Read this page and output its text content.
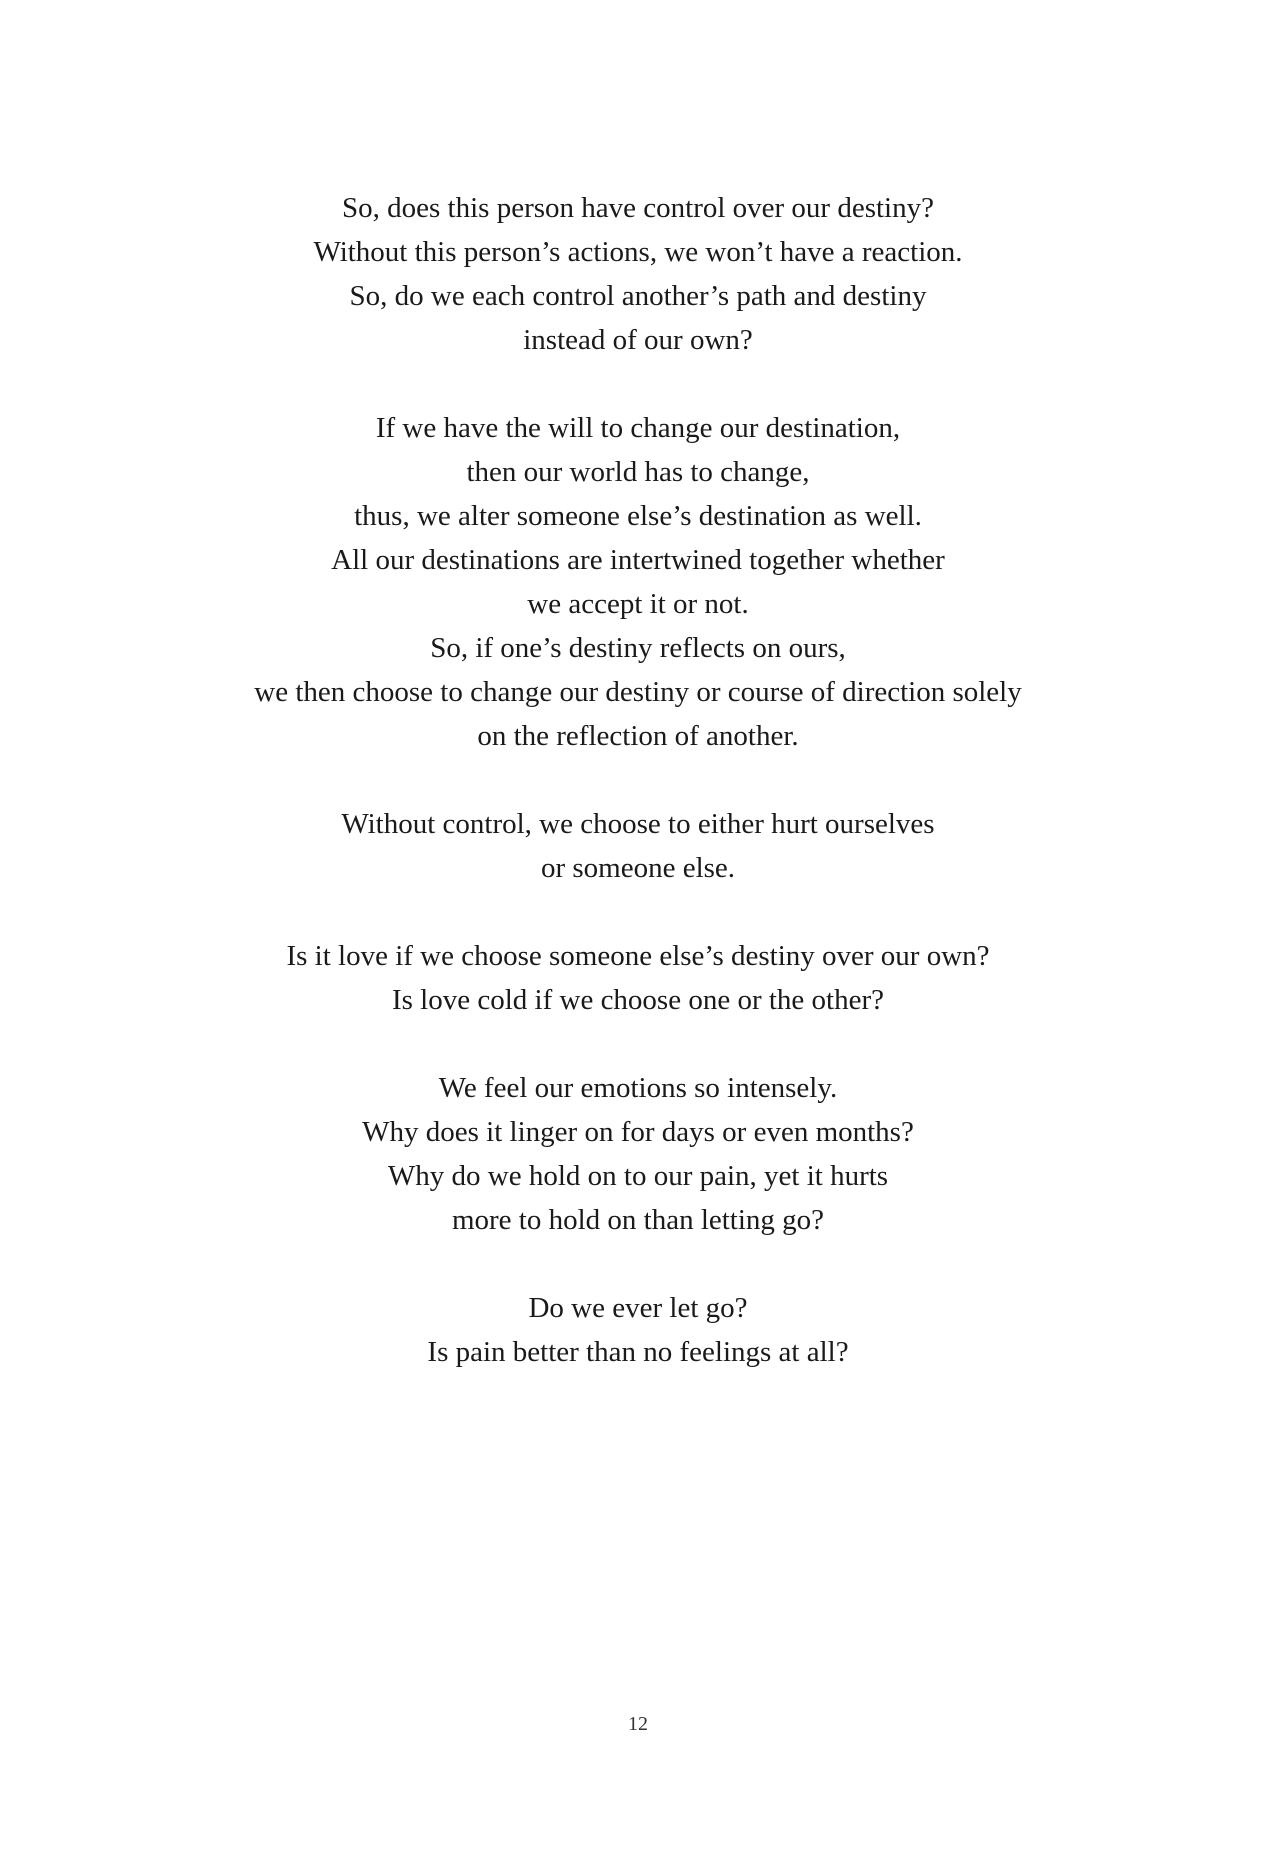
So, does this person have control over our destiny?
Without this person’s actions, we won’t have a reaction.
So, do we each control another’s path and destiny
instead of our own?
If we have the will to change our destination,
then our world has to change,
thus, we alter someone else’s destination as well.
All our destinations are intertwined together whether
we accept it or not.
So, if one’s destiny reflects on ours,
we then choose to change our destiny or course of direction solely
on the reflection of another.
Without control, we choose to either hurt ourselves
or someone else.
Is it love if we choose someone else’s destiny over our own?
Is love cold if we choose one or the other?
We feel our emotions so intensely.
Why does it linger on for days or even months?
Why do we hold on to our pain, yet it hurts
more to hold on than letting go?
Do we ever let go?
Is pain better than no feelings at all?
12
